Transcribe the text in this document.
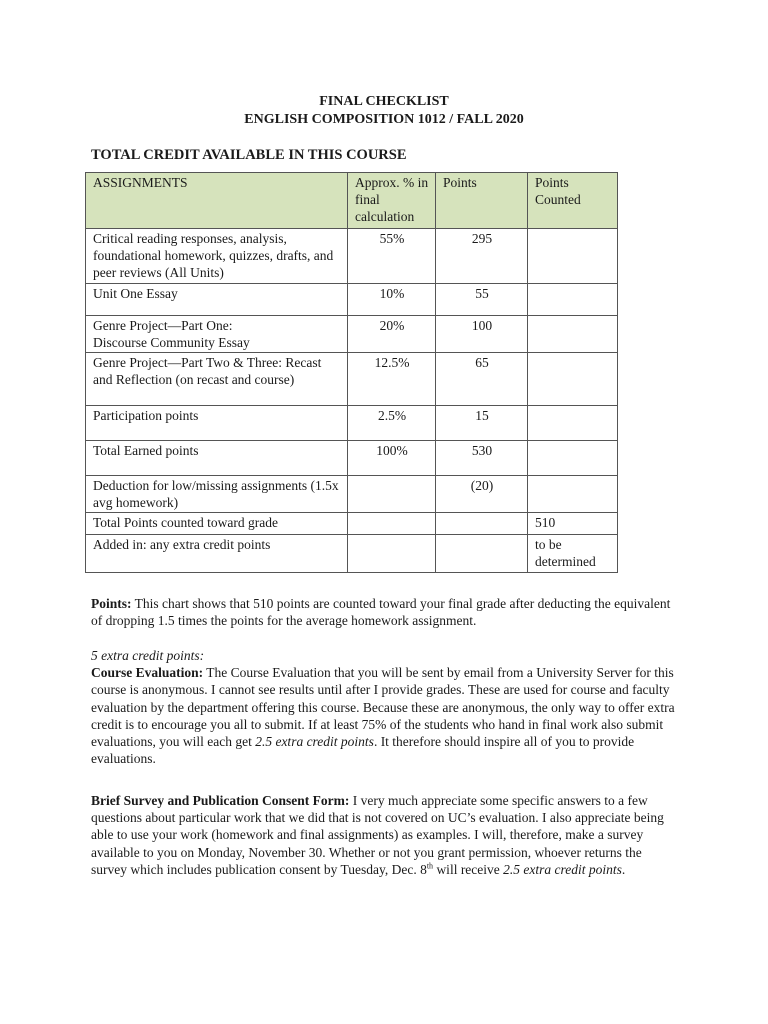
FINAL CHECKLIST
ENGLISH COMPOSITION 1012 / FALL 2020
TOTAL CREDIT AVAILABLE IN THIS COURSE
ASSIGNMENTS	Approx. % in final calculation	Points	Points Counted
Critical reading responses, analysis, foundational homework, quizzes, drafts, and peer reviews (All Units)	55%	295	

Unit One Essay	10%	55	

Genre Project—Part One:
Discourse Community Essay	20%	100	

Genre Project—Part Two & Three: Recast and Reflection (on recast and course)	12.5%	65	

Participation points	2.5%	15	

Total Earned points	100%	530	

Deduction for low/missing assignments (1.5x avg homework)		(20)	

Total Points counted toward grade			510
Added in: any extra credit points			to be determined
Points: This chart shows that 510 points are counted toward your final grade after deducting the equivalent of dropping 1.5 times the points for the average homework assignment.
5 extra credit points:
Course Evaluation: The Course Evaluation that you will be sent by email from a University Server for this course is anonymous. I cannot see results until after I provide grades. These are used for course and faculty evaluation by the department offering this course. Because these are anonymous, the only way to offer extra credit is to encourage you all to submit. If at least 75% of the students who hand in final work also submit evaluations, you will each get 2.5 extra credit points. It therefore should inspire all of you to provide evaluations.
Brief Survey and Publication Consent Form: I very much appreciate some specific answers to a few questions about particular work that we did that is not covered on UC’s evaluation. I also appreciate being able to use your work (homework and final assignments) as examples. I will, therefore, make a survey available to you on Monday, November 30. Whether or not you grant permission, whoever returns the survey which includes publication consent by Tuesday, Dec. 8th will receive 2.5 extra credit points.
